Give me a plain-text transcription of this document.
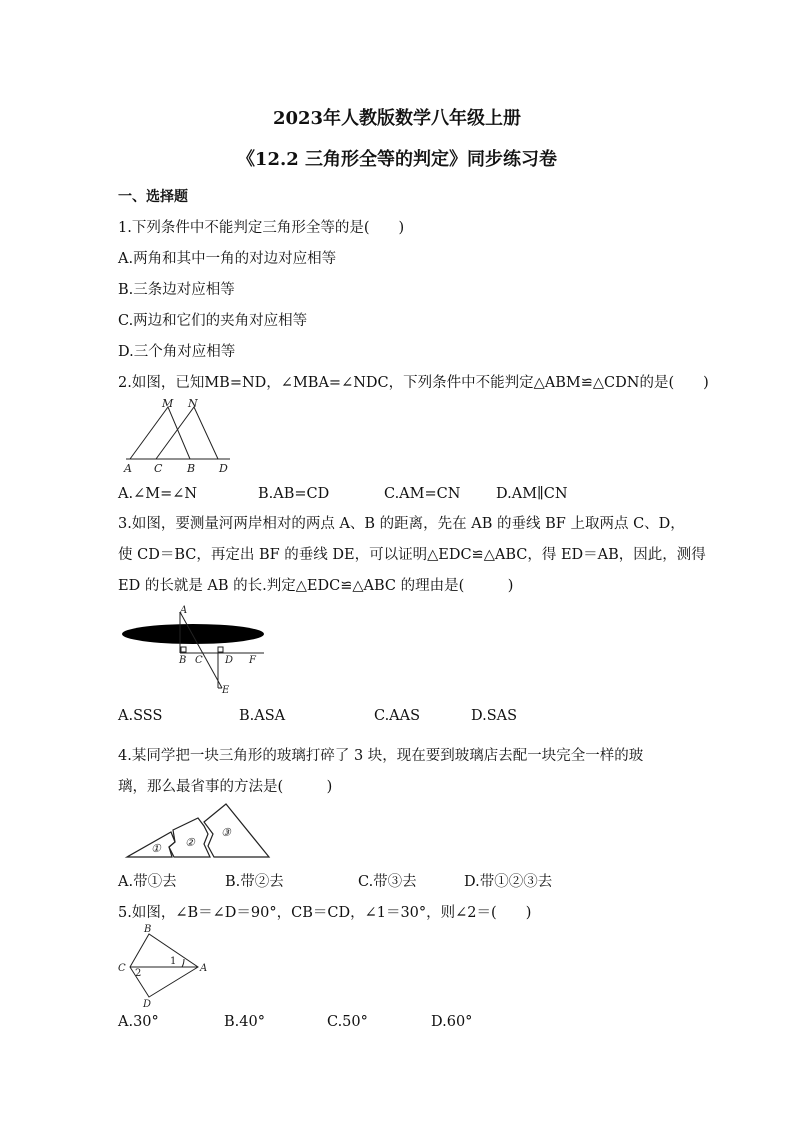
2023年人教版数学八年级上册
《12.2 三角形全等的判定》同步练习卷
一、选择题
1.下列条件中不能判定三角形全等的是(　　)
A.两角和其中一角的对边对应相等
B.三条边对应相等
C.两边和它们的夹角对应相等
D.三个角对应相等
2.如图，已知MB=ND，∠MBA=∠NDC，下列条件中不能判定△ABM≌△CDN的是(　　)
M N
A C B D
A.∠M=∠N	B.AB=CD	C.AM=CN D.AM∥CN
3.如图，要测量河两岸相对的两点 A、B 的距离，先在 AB 的垂线 BF 上取两点 C、D，
使 CD＝BC，再定出 BF 的垂线 DE，可以证明△EDC≌△ABC，得 ED＝AB，因此，测得
ED 的长就是 AB 的长.判定△EDC≌△ABC 的理由是(　　　)
A
B C D F
E
A.SSS	B.ASA	C.AAS	D.SAS
4.某同学把一块三角形的玻璃打碎了 3 块，现在要到玻璃店去配一块完全一样的玻
璃，那么最省事的方法是(　　　)
① ②
③
A.带①去	B.带②去	C.带③去	D.带①②③去
5.如图，∠B＝∠D＝90°，CB＝CD，∠1＝30°，则∠2＝(　　)
B
C	A
D
1
2
A.30°	B.40°	C.50°	D.60°
